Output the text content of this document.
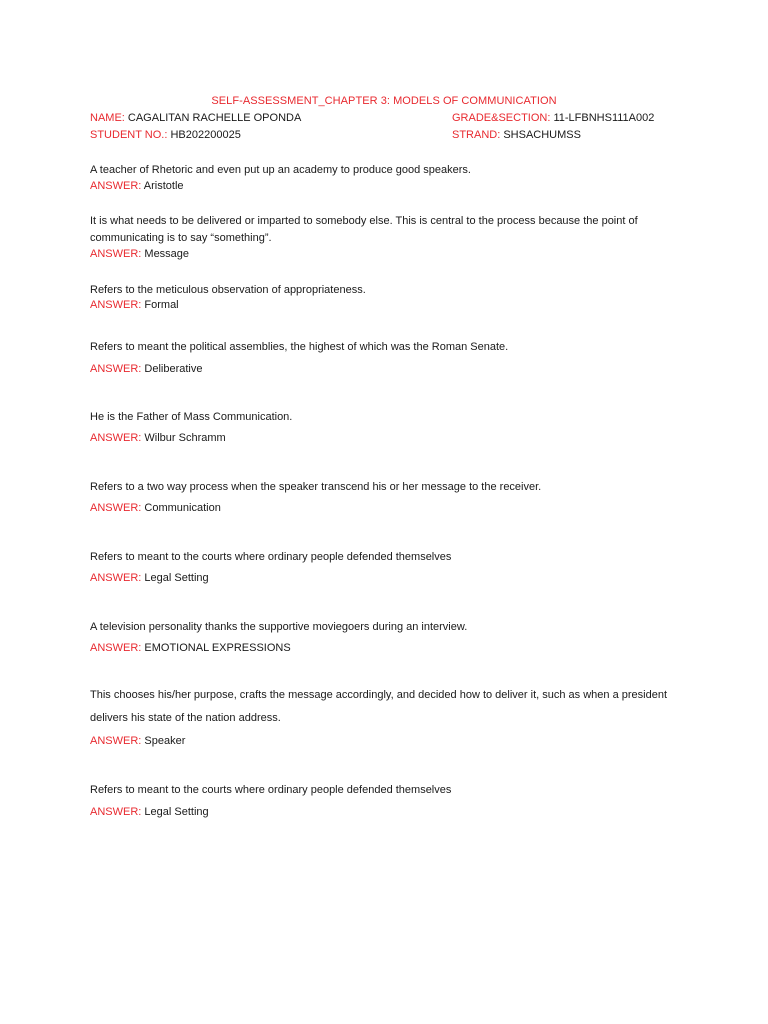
SELF-ASSESSMENT_CHAPTER 3: MODELS OF COMMUNICATION
NAME: CAGALITAN RACHELLE OPONDA	GRADE&SECTION: 11-LFBNHS111A002
STUDENT NO.: HB202200025	STRAND: SHSACHUMSS
A teacher of Rhetoric and even put up an academy to produce good speakers.
ANSWER: Aristotle
It is what needs to be delivered or imparted to somebody else. This is central to the process because the point of communicating is to say “something”.
ANSWER: Message
Refers to the meticulous observation of appropriateness.
ANSWER: Formal
Refers to meant the political assemblies, the highest of which was the Roman Senate.
ANSWER: Deliberative
He is the Father of Mass Communication.
ANSWER: Wilbur Schramm
Refers to a two way process when the speaker transcend his or her message to the receiver.
ANSWER: Communication
Refers to meant to the courts where ordinary people defended themselves
ANSWER: Legal Setting
A television personality thanks the supportive moviegoers during an interview.
ANSWER: EMOTIONAL EXPRESSIONS
This chooses his/her purpose, crafts the message accordingly, and decided how to deliver it, such as when a president delivers his state of the nation address.
ANSWER: Speaker
Refers to meant to the courts where ordinary people defended themselves
ANSWER: Legal Setting
